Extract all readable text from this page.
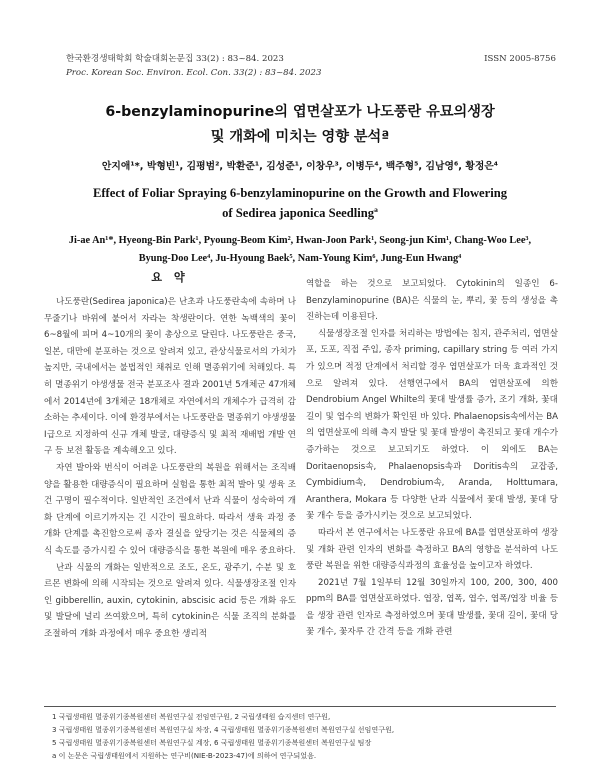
한국환경생태학회 학술대회논문집 33(2) : 83~84. 2023
Proc. Korean Soc. Environ. Ecol. Con. 33(2) : 83~84. 2023
ISSN 2005-8756
6-benzylaminopurine의 엽면살포가 나도풍란 유묘의생장
및 개화에 미치는 영향 분석ª
안지애¹*, 박형빈¹, 김평범², 박환준¹, 김성준¹, 이창우³, 이병두⁴, 백주형⁵, 김남영⁶, 황정은⁴
Effect of Foliar Spraying 6-benzylaminopurine on the Growth and Flowering
of Sedirea japonica Seedlingª
Ji-ae An¹*, Hyeong-Bin Park¹, Pyoung-Beom Kim², Hwan-Joon Park¹, Seong-jun Kim¹, Chang-Woo Lee³,
Byung-Doo Lee⁴, Ju-Hyoung Baek⁵, Nam-Young Kim⁶, Jung-Eun Hwang⁴
요 약

나도풍란(Sedirea japonica)은 난초과 나도풍란속에 속하며 나무줄기나 바위에 붙어서 자라는 착생란이다. 연한 녹백색의 꽃이 6~8월에 피며 4~10개의 꽃이 총상으로 달린다. 나도풍란은 중국, 일본, 대만에 분포하는 것으로 알려져 있고, 관상식물로서의 가치가 높지만, 국내에서는 불법적인 채취로 인해 멸종위기에 처해있다. 특히 멸종위기 야생생물 전국 분포조사 결과 2001년 5개체군 47개체에서 2014년에 3개체군 18개체로 자연에서의 개체수가 급격히 감소하는 추세이다. 이에 환경부에서는 나도풍란을 멸종위기 야생생물 Ⅰ급으로 지정하여 신규 개체 발굴, 대량증식 및 최적 재배법 개발 연구 등 보전 활동을 계속해오고 있다.

자연 발아와 번식이 어려운 나도풍란의 복원을 위해서는 조직배양을 활용한 대량증식이 필요하며 실험을 통한 최적 발아 및 생육 조건 구명이 필수적이다. 일반적인 조건에서 난과 식물이 성숙하여 개화 단계에 이르기까지는 긴 시간이 필요하다. 따라서 생육 과정 중 개화 단계를 촉진함으로써 종자 결실을 앞당기는 것은 식물체의 증식 속도를 증가시킬 수 있어 대량증식을 통한 복원에 매우 중요하다.

난과 식물의 개화는 일반적으로 조도, 온도, 광주기, 수분 및 호르몬 변화에 의해 시작되는 것으로 알려져 있다. 식물생장조절 인자인 gibberellin, auxin, cytokinin, abscisic acid 등은 개화 유도 및 발달에 널리 쓰여왔으며, 특히 cytokinin은 식물 조직의 분화를 조절하여 개화 과정에서 매우 중요한 생리적

역할을 하는 것으로 보고되었다. Cytokinin의 일종인 6-Benzylaminopurine (BA)은 식물의 눈, 뿌리, 꽃 등의 생성을 촉진하는데 이용된다.

식물생장조절 인자를 처리하는 방법에는 침지, 관주처리, 엽면살포, 도포, 직접 주입, 종자 priming, capillary string 등 여러 가지가 있으며 적정 단계에서 처리할 경우 엽면살포가 더욱 효과적인 것으로 알려져 있다. 선행연구에서 BA의 엽면살포에 의한 Dendrobium Angel Whilte의 꽃대 발생률 증가, 조기 개화, 꽃대 길이 및 엽수의 변화가 확인된 바 있다. Phalaenopsis속에서는 BA의 엽면살포에 의해 측지 발달 및 꽃대 발생이 촉진되고 꽃대 개수가 증가하는 것으로 보고되기도 하였다. 이 외에도 BA는 Doritaenopsis속, Phalaenopsis속과 Doritis속의 교잡종, Cymbidium속, Dendrobium속, Aranda, Holttumara, Aranthera, Mokara 등 다양한 난과 식물에서 꽃대 발생, 꽃대 당 꽃 개수 등을 증가시키는 것으로 보고되었다.

따라서 본 연구에서는 나도풍란 유묘에 BA를 엽면살포하여 생장 및 개화 관련 인자의 변화를 측정하고 BA의 영향을 분석하여 나도풍란 복원을 위한 대량증식과정의 효율성을 높이고자 하였다.

2021년 7월 1일부터 12월 30일까지 100, 200, 300, 400 ppm의 BA를 엽면살포하였다. 엽장, 엽폭, 엽수, 엽폭/엽장 비율 등을 생장 관련 인자로 측정하였으며 꽃대 발생률, 꽃대 길이, 꽃대 당 꽃 개수, 꽃자루 간 간격 등을 개화 관련

1 국립생태원 멸종위기종복원센터 복원연구실 전임연구원, 2 국립생태원 습지센터 연구원,
3 국립생태원 멸종위기종복원센터 복원연구실 차장, 4 국립생태원 멸종위기종복원센터 복원연구실 선임연구원,
5 국립생태원 멸종위기종복원센터 복원연구실 계장, 6 국립생태원 멸종위기종복원센터 복원연구실 팀장
a 이 논문은 국립생태원에서 지원하는 연구비(NIE-B-2023-47)에 의하여 연구되었음.
